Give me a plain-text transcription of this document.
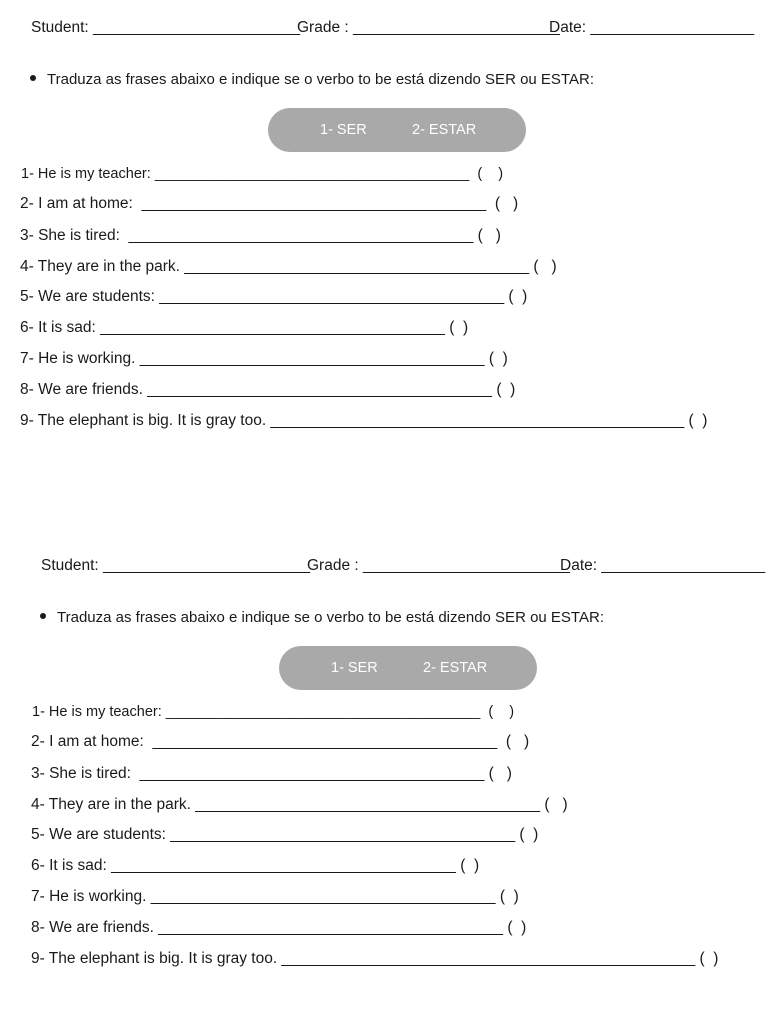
Student: ________________________
Grade : ________________________
Date: ___________________
Traduza as frases abaixo e indique se o verbo to be está dizendo SER ou ESTAR:
1- SER	2- ESTAR
1- He is my teacher: _______________________________________  (    )
2- I am at home:  ________________________________________  (   )
3- She is tired:  ________________________________________ (   )
4- They are in the park. ________________________________________ (   )
5- We are students: ________________________________________ (  )
6- It is sad: ________________________________________ (  )
7- He is working. ________________________________________ (  )
8- We are friends. ________________________________________ (  )
9- The elephant is big. It is gray too. ________________________________________________ (  )
Student: ________________________
Grade : ________________________
Date: ___________________
Traduza as frases abaixo e indique se o verbo to be está dizendo SER ou ESTAR:
1- SER	2- ESTAR
1- He is my teacher: _______________________________________  (    )
2- I am at home:  ________________________________________  (   )
3- She is tired:  ________________________________________ (   )
4- They are in the park. ________________________________________ (   )
5- We are students: ________________________________________ (  )
6- It is sad: ________________________________________ (  )
7- He is working. ________________________________________ (  )
8- We are friends. ________________________________________ (  )
9- The elephant is big. It is gray too. ________________________________________________ (  )
